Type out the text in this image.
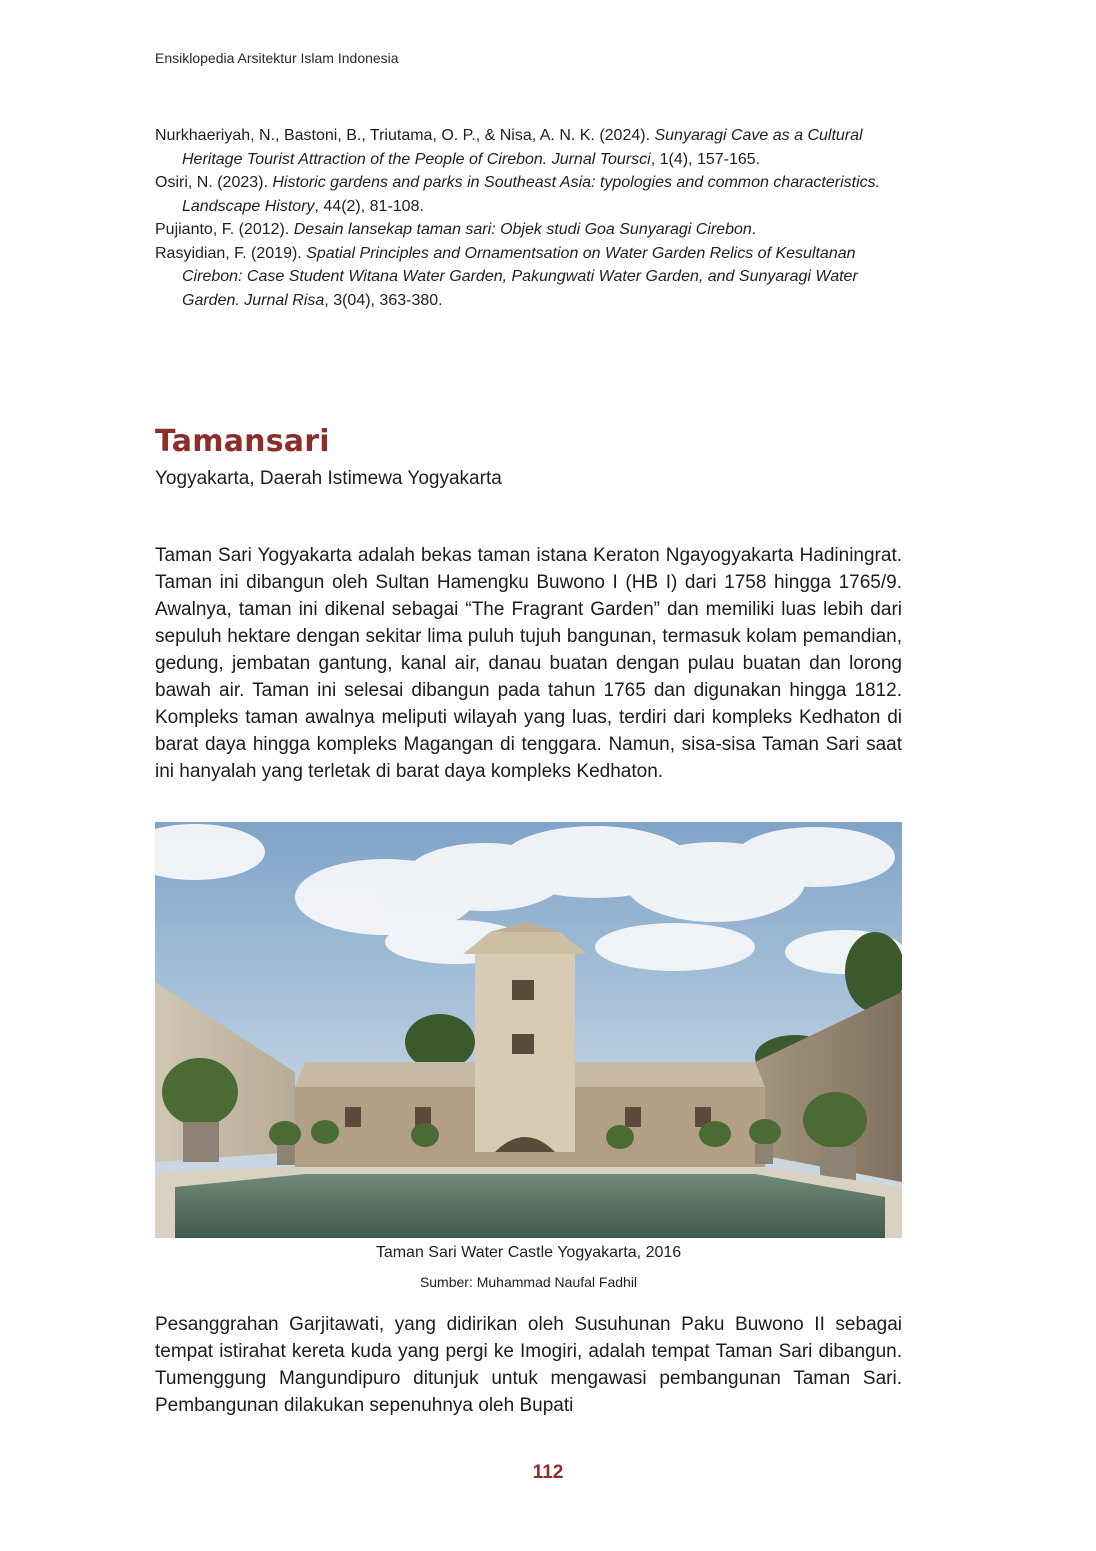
Ensiklopedia Arsitektur Islam Indonesia
Nurkhaeriyah, N., Bastoni, B., Triutama, O. P., & Nisa, A. N. K. (2024). Sunyaragi Cave as a Cultural Heritage Tourist Attraction of the People of Cirebon. Jurnal Toursci, 1(4), 157-165.
Osiri, N. (2023). Historic gardens and parks in Southeast Asia: typologies and common characteristics. Landscape History, 44(2), 81-108.
Pujianto, F. (2012). Desain lansekap taman sari: Objek studi Goa Sunyaragi Cirebon.
Rasyidian, F. (2019). Spatial Principles and Ornamentsation on Water Garden Relics of Kesultanan Cirebon: Case Student Witana Water Garden, Pakungwati Water Garden, and Sunyaragi Water Garden. Jurnal Risa, 3(04), 363-380.
Tamansari
Yogyakarta, Daerah Istimewa Yogyakarta

Taman Sari Yogyakarta adalah bekas taman istana Keraton Ngayogyakarta Hadiningrat. Taman ini dibangun oleh Sultan Hamengku Buwono I (HB I) dari 1758 hingga 1765/9. Awalnya, taman ini dikenal sebagai “The Fragrant Garden” dan memiliki luas lebih dari sepuluh hektare dengan sekitar lima puluh tujuh bangunan, termasuk kolam pemandian, gedung, jembatan gantung, kanal air, danau buatan dengan pulau buatan dan lorong bawah air. Taman ini selesai dibangun pada tahun 1765 dan digunakan hingga 1812. Kompleks taman awalnya meliputi wilayah yang luas, terdiri dari kompleks Kedhaton di barat daya hingga kompleks Magangan di tenggara. Namun, sisa-sisa Taman Sari saat ini hanyalah yang terletak di barat daya kompleks Kedhaton.

Taman Sari Water Castle Yogyakarta, 2016
Sumber: Muhammad Naufal Fadhil

Pesanggrahan Garjitawati, yang didirikan oleh Susuhunan Paku Buwono II sebagai tempat istirahat kereta kuda yang pergi ke Imogiri, adalah tempat Taman Sari dibangun. Tumenggung Mangundipuro ditunjuk untuk mengawasi pembangunan Taman Sari. Pembangunan dilakukan sepenuhnya oleh Bupati

112
